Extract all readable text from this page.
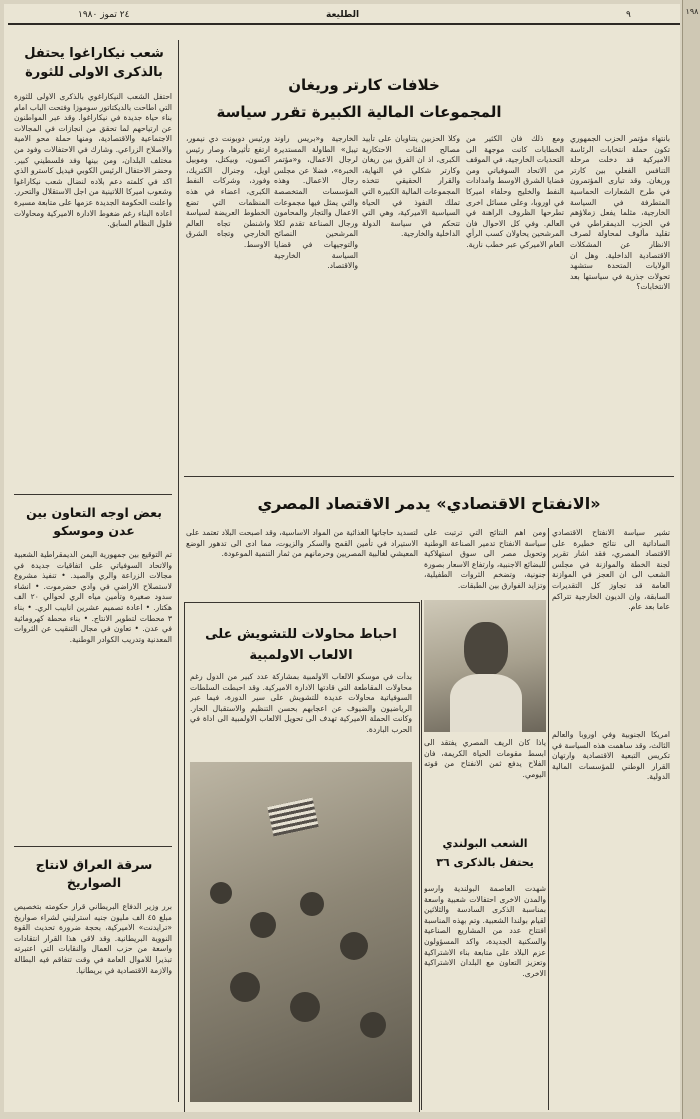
١٩٨
٢٤ تموز ١٩٨٠	الطليعة	٩
شعب نيكاراغوا يحتفل بالذكرى الاولى للثورة
احتفل الشعب النيكاراغوي بالذكرى الاولى للثورة التي اطاحت بالديكتاتور سوموزا وفتحت الباب امام بناء حياة جديدة في نيكاراغوا. وقد عبر المواطنون عن ارتياحهم لما تحقق من انجازات في المجالات الاجتماعية والاقتصادية، ومنها حملة محو الامية والاصلاح الزراعي. وشارك في الاحتفالات وفود من مختلف البلدان، ومن بينها وفد فلسطيني كبير. وحضر الاحتفال الرئيس الكوبي فيديل كاسترو الذي اكد في كلمته دعم بلاده لنضال شعب نيكاراغوا وشعوب اميركا اللاتينية من اجل الاستقلال والتحرر. واعلنت الحكومة الجديدة عزمها على متابعة مسيرة اعادة البناء رغم ضغوط الادارة الاميركية ومحاولات فلول النظام السابق.
بعض اوجه التعاون بين عدن وموسكو
تم التوقيع بين جمهورية اليمن الديمقراطية الشعبية والاتحاد السوفياتي على اتفاقيات جديدة في مجالات الزراعة والري والصيد. • تنفيذ مشروع لاستصلاح الاراضي في وادي حضرموت. • انشاء سدود صغيرة وتأمين مياه الري لحوالي ٢٠ الف هكتار. • اعادة تصميم عشرين انابيب الري. • بناء ٣ محطات لتطوير الانتاج. • بناء محطة كهرومائية في عدن. • تعاون في مجال التنقيب عن الثروات المعدنية وتدريب الكوادر الوطنية.
سرقة العراق لانتاج الصواريخ
برر وزير الدفاع البريطاني قرار حكومته بتخصيص مبلغ ٤٥ الف مليون جنيه استرليني لشراء صواريخ «ترايدنت» الاميركية، بحجة ضرورة تحديث القوة النووية البريطانية. وقد لاقى هذا القرار انتقادات واسعة من حزب العمال والنقابات التي اعتبرته تبذيرا للاموال العامة في وقت تتفاقم فيه البطالة والازمة الاقتصادية في بريطانيا.
خلافات كارتر وريغان
المجموعات المالية الكبيرة تقرر سياسة
بانتهاء مؤتمر الحزب الجمهوري تكون حملة انتخابات الرئاسة الاميركية قد دخلت مرحلة التنافس الفعلي بين كارتر وريغان. وقد تبارى المؤتمرون في طرح الشعارات الحماسية المتطرفة في السياسة الخارجية، مثلما يفعل زملاؤهم في الحزب الديمقراطي في تقليد مألوف لمحاولة لصرف الانظار عن المشكلات الاقتصادية الداخلية. وهل ان الولايات المتحدة ستشهد تحولات جذرية في سياستها بعد الانتخابات؟
ومع ذلك فان الكثير من الخطابات كانت موجهة الى التحديات الخارجية، في الموقف من الاتحاد السوفياتي ومن قضايا الشرق الاوسط وامدادات النفط والخليج وحلفاء اميركا في اوروبا، وعلى مسائل اخرى تطرحها الظروف الراهنة في العالم. وفي كل الاحوال فان المرشحين يحاولان كسب الرأي العام الاميركي عبر خطب نارية.
وكلا الحزبين يتناوبان على تأييد مصالح الفئات الاحتكارية الكبرى، اذ ان الفرق بين ريغان وكارتر شكلي في النهاية، والقرار الحقيقي تتخذه المجموعات المالية الكبيرة التي تملك النفوذ في الحياة السياسية الاميركية، وهي التي تتحكم في سياسة الدولة الداخلية والخارجية.
الخارجية و«بريس راوند تيبل» الطاولة المستديرة لرجال الاعمال، و«مؤتمر الخبرة»، فضلا عن مجلس رجال الاعمال. وهذه المؤسسات المتخصصة والتي يمثل فيها مجموعات الاعمال والتجار والمحامون ورجال الصناعة تقدم لكلا المرشحين النصائح والتوجيهات في قضايا السياسة الخارجية والاقتصاد.
ورئيس دوبونت دي نيمور، ارتفع تأثيرها، وصار رئيس اكسون، وبيكتل، وموبيل اويل، وجنرال الكتريك، وفورد، وشركات النفط الكبرى، اعضاء في هذه المنظمات التي تضع الخطوط العريضة لسياسة واشنطن تجاه العالم الخارجي وتجاه الشرق الاوسط.
«الانفتاح الاقتصادي» يدمر الاقتصاد المصري
تشير سياسة الانفتاح الاقتصادي الساداتية الى نتائج خطيرة على الاقتصاد المصري، فقد اشار تقرير لجنة الخطة والموازنة في مجلس الشعب الى ان العجز في الموازنة العامة قد تجاوز كل التقديرات السابقة، وان الديون الخارجية تتراكم عاما بعد عام.
ومن اهم النتائج التي ترتبت على سياسة الانفتاح تدمير الصناعة الوطنية وتحويل مصر الى سوق استهلاكية للبضائع الاجنبية، وارتفاع الاسعار بصورة جنونية، وتضخم الثروات الطفيلية، وتزايد الفوارق بين الطبقات.
لتسديد حاجاتها الغذائية من المواد الاساسية، وقد اصبحت البلاد تعتمد على الاستيراد في تأمين القمح والسكر والزيوت، مما ادى الى تدهور الوضع المعيشي لغالبية المصريين وحرمانهم من ثمار التنمية الموعودة.
احباط محاولات للتشويش على الالعاب الاولمبية
بدأت في موسكو الالعاب الاولمبية بمشاركة عدد كبير من الدول رغم محاولات المقاطعة التي قادتها الادارة الاميركية. وقد احبطت السلطات السوفياتية محاولات عديدة للتشويش على سير الدورة، فيما عبر الرياضيون والضيوف عن اعجابهم بحسن التنظيم والاستقبال الحار. وكانت الحملة الاميركية تهدف الى تحويل الالعاب الاولمبية الى اداة في الحرب الباردة.
ياذا كان الريف المصري يفتقد الى ابسط مقومات الحياة الكريمة، فان الفلاح يدفع ثمن الانفتاح من قوته اليومي.
امريكا الجنوبية وفي اوروبا والعالم الثالث، وقد ساهمت هذه السياسة في تكريس التبعية الاقتصادية وارتهان القرار الوطني للمؤسسات المالية الدولية.
الشعب البولندي يحتفل بالذكرى ٣٦
شهدت العاصمة البولندية وارسو والمدن الاخرى احتفالات شعبية واسعة بمناسبة الذكرى السادسة والثلاثين لقيام بولندا الشعبية. وتم بهذه المناسبة افتتاح عدد من المشاريع الصناعية والسكنية الجديدة، واكد المسؤولون عزم البلاد على متابعة بناء الاشتراكية وتعزيز التعاون مع البلدان الاشتراكية الاخرى.
